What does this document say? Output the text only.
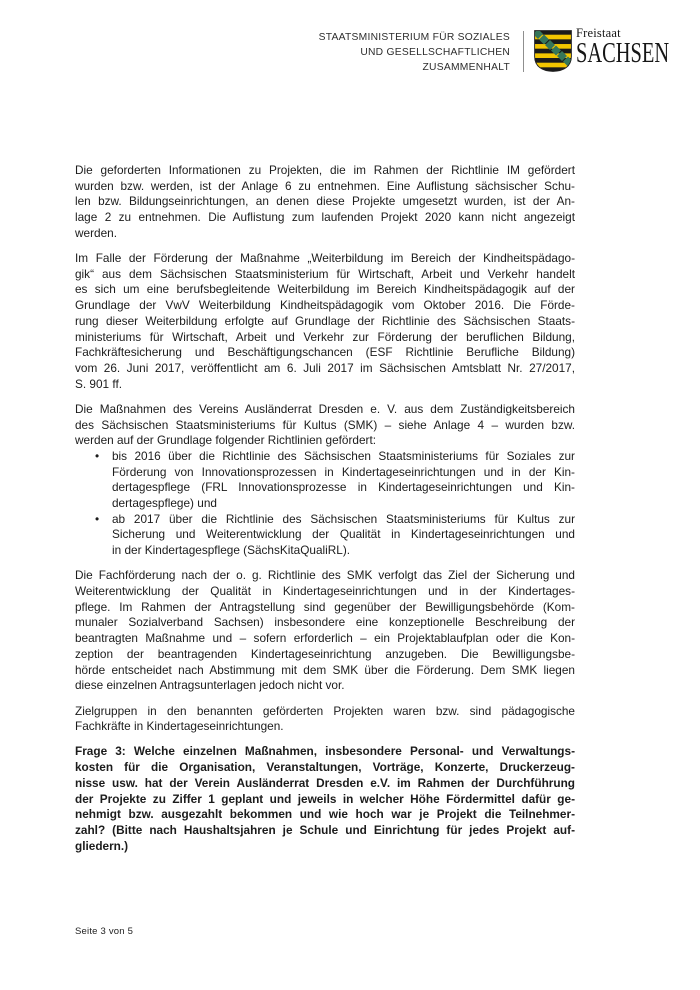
STAATSMINISTERIUM FÜR SOZIALES
UND GESELLSCHAFTLICHEN
ZUSAMMENHALT
Freistaat
SACHSEN
Die geforderten Informationen zu Projekten, die im Rahmen der Richtlinie IM gefördert
wurden bzw. werden, ist der Anlage 6 zu entnehmen. Eine Auflistung sächsischer Schu-
len bzw. Bildungseinrichtungen, an denen diese Projekte umgesetzt wurden, ist der An-
lage 2 zu entnehmen. Die Auflistung zum laufenden Projekt 2020 kann nicht angezeigt
werden.
Im Falle der Förderung der Maßnahme „Weiterbildung im Bereich der Kindheitspädago-
gik“ aus dem Sächsischen Staatsministerium für Wirtschaft, Arbeit und Verkehr handelt
es sich um eine berufsbegleitende Weiterbildung im Bereich Kindheitspädagogik auf der
Grundlage der VwV Weiterbildung Kindheitspädagogik vom Oktober 2016. Die Förde-
rung dieser Weiterbildung erfolgte auf Grundlage der Richtlinie des Sächsischen Staats-
ministeriums für Wirtschaft, Arbeit und Verkehr zur Förderung der beruflichen Bildung,
Fachkräftesicherung und Beschäftigungschancen (ESF Richtlinie Berufliche Bildung)
vom 26. Juni 2017, veröffentlicht am 6. Juli 2017 im Sächsischen Amtsblatt Nr. 27/2017,
S. 901 ff.
Die Maßnahmen des Vereins Ausländerrat Dresden e. V. aus dem Zuständigkeitsbereich
des Sächsischen Staatsministeriums für Kultus (SMK) – siehe Anlage 4 – wurden bzw.
werden auf der Grundlage folgender Richtlinien gefördert:
•	bis 2016 über die Richtlinie des Sächsischen Staatsministeriums für Soziales zur
Förderung von Innovationsprozessen in Kindertageseinrichtungen und in der Kin-
dertagespflege (FRL Innovationsprozesse in Kindertageseinrichtungen und Kin-
dertagespflege) und
•	ab 2017 über die Richtlinie des Sächsischen Staatsministeriums für Kultus zur
Sicherung und Weiterentwicklung der Qualität in Kindertageseinrichtungen und
in der Kindertagespflege (SächsKitaQualiRL).
Die Fachförderung nach der o. g. Richtlinie des SMK verfolgt das Ziel der Sicherung und
Weiterentwicklung der Qualität in Kindertageseinrichtungen und in der Kindertages-
pflege. Im Rahmen der Antragstellung sind gegenüber der Bewilligungsbehörde (Kom-
munaler Sozialverband Sachsen) insbesondere eine konzeptionelle Beschreibung der
beantragten Maßnahme und – sofern erforderlich – ein Projektablaufplan oder die Kon-
zeption der beantragenden Kindertageseinrichtung anzugeben. Die Bewilligungsbe-
hörde entscheidet nach Abstimmung mit dem SMK über die Förderung. Dem SMK liegen
diese einzelnen Antragsunterlagen jedoch nicht vor.
Zielgruppen in den benannten geförderten Projekten waren bzw. sind pädagogische
Fachkräfte in Kindertageseinrichtungen.
Frage 3: Welche einzelnen Maßnahmen, insbesondere Personal- und Verwaltungs-
kosten für die Organisation, Veranstaltungen, Vorträge, Konzerte, Druckerzeug-
nisse usw. hat der Verein Ausländerrat Dresden e.V. im Rahmen der Durchführung
der Projekte zu Ziffer 1 geplant und jeweils in welcher Höhe Fördermittel dafür ge-
nehmigt bzw. ausgezahlt bekommen und wie hoch war je Projekt die Teilnehmer-
zahl? (Bitte nach Haushaltsjahren je Schule und Einrichtung für jedes Projekt auf-
gliedern.)
Seite 3 von 5
